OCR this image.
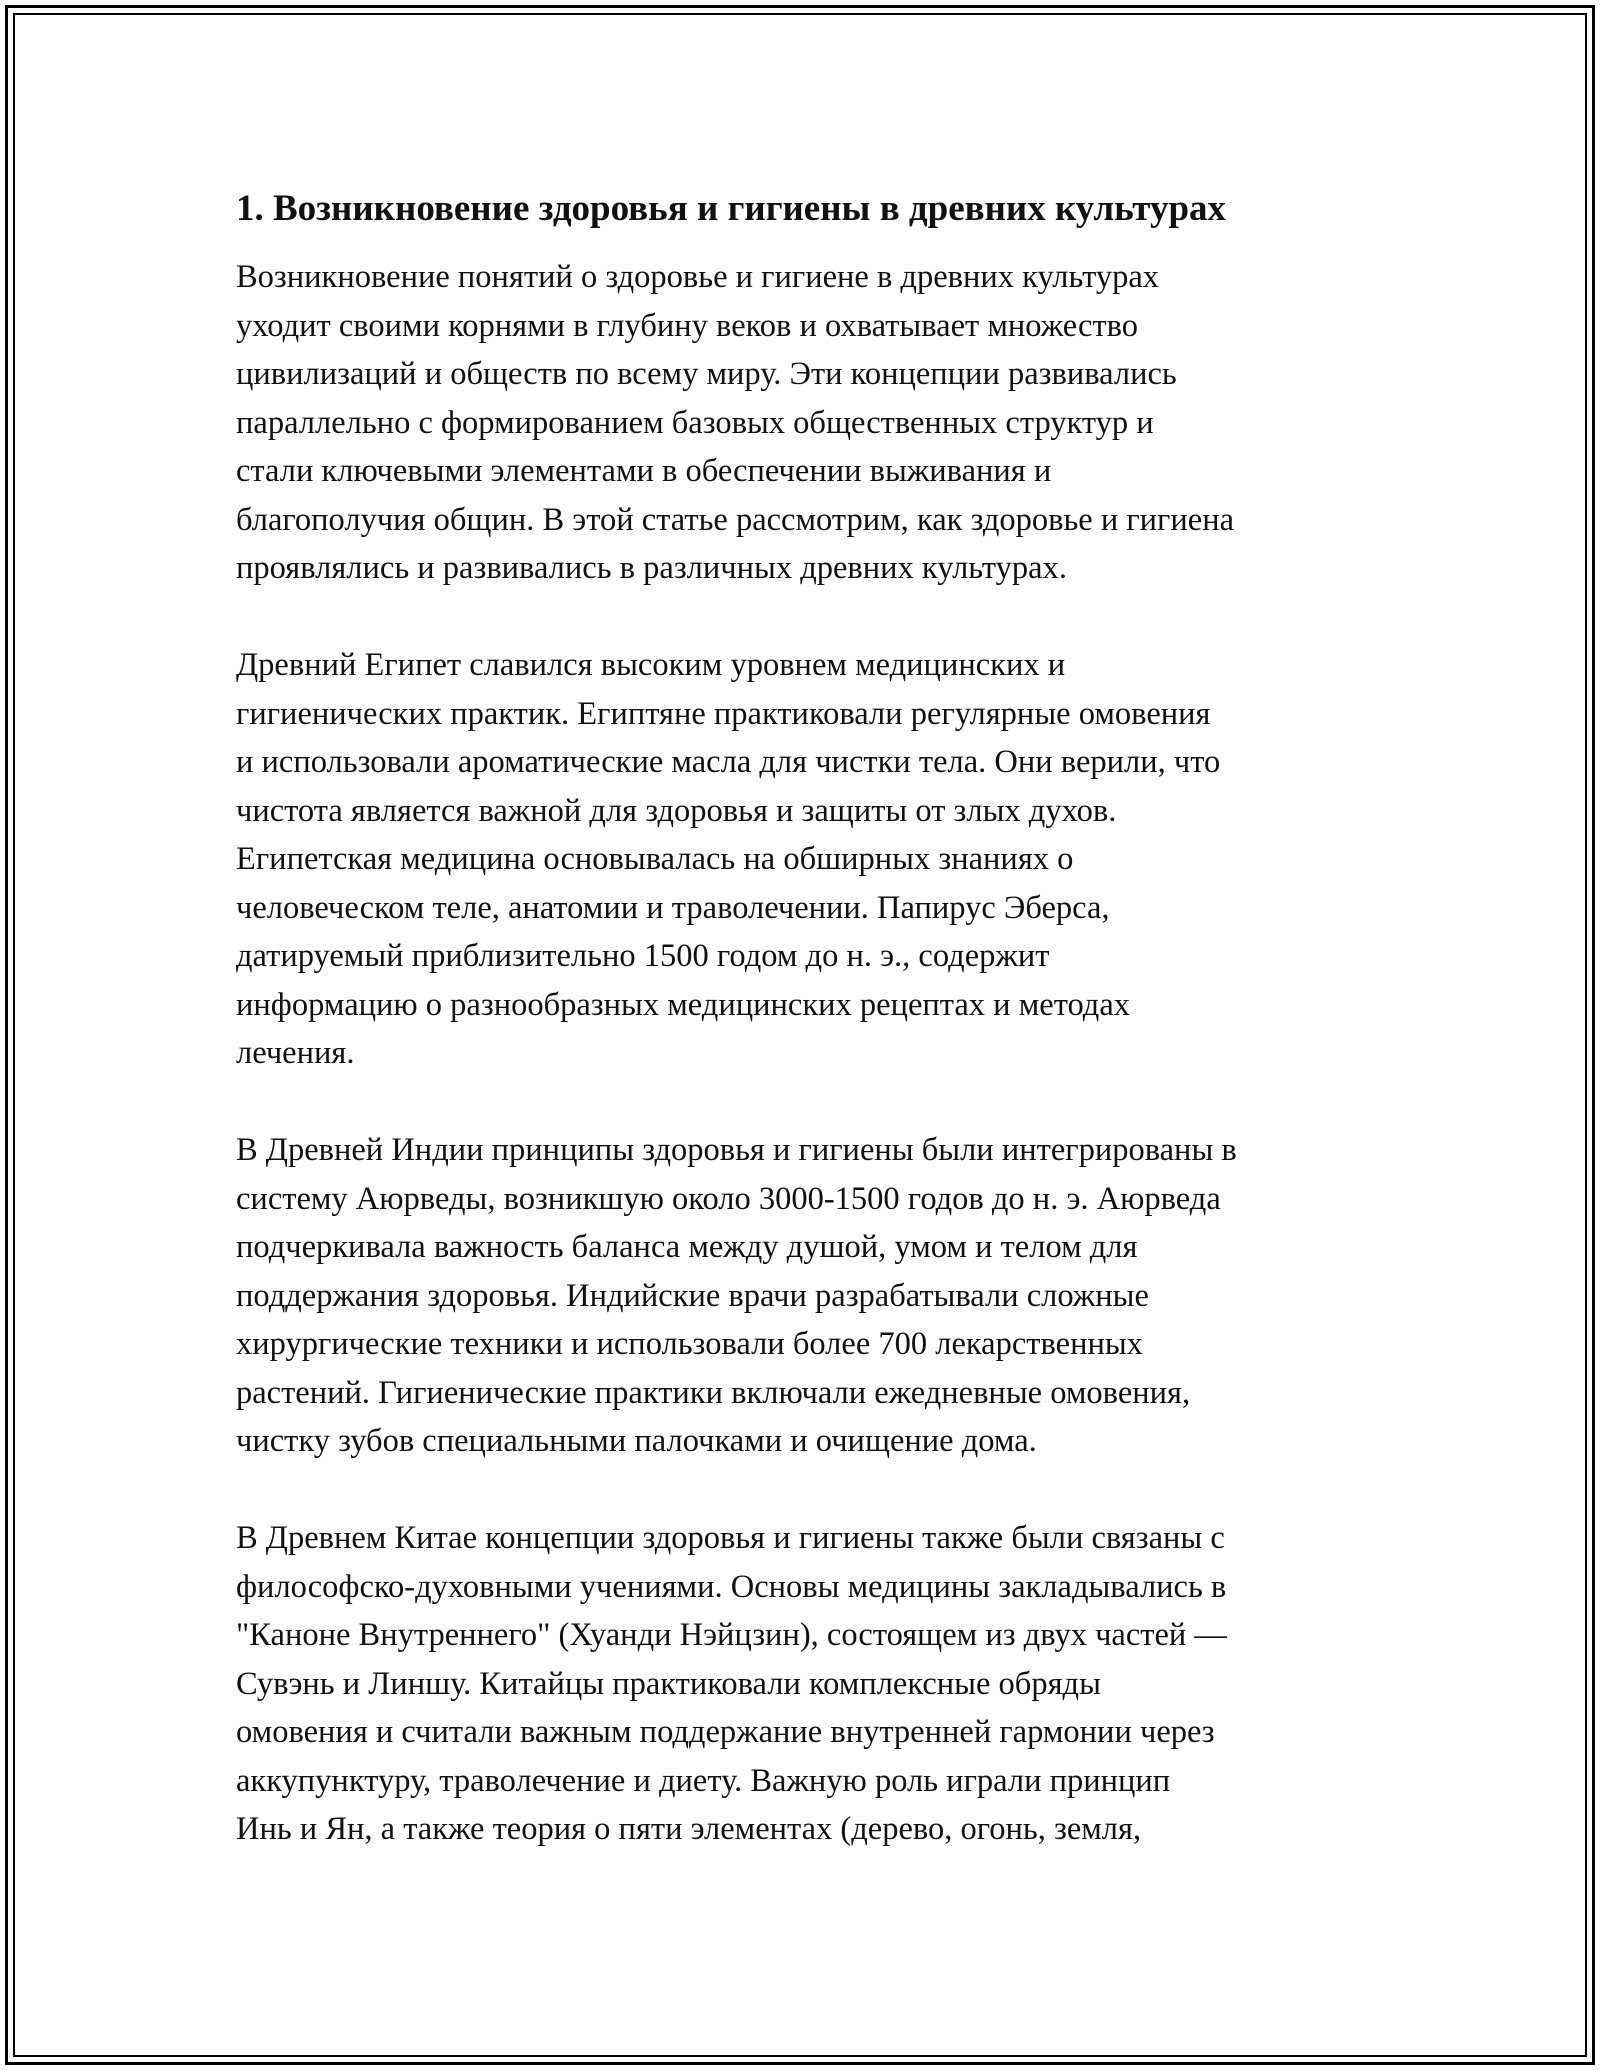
1. Возникновение здоровья и гигиены в древних культурах
Возникновение понятий о здоровье и гигиене в древних культурах
уходит своими корнями в глубину веков и охватывает множество
цивилизаций и обществ по всему миру. Эти концепции развивались
параллельно с формированием базовых общественных структур и
стали ключевыми элементами в обеспечении выживания и
благополучия общин. В этой статье рассмотрим, как здоровье и гигиена
проявлялись и развивались в различных древних культурах.
Древний Египет славился высоким уровнем медицинских и
гигиенических практик. Египтяне практиковали регулярные омовения
и использовали ароматические масла для чистки тела. Они верили, что
чистота является важной для здоровья и защиты от злых духов.
Египетская медицина основывалась на обширных знаниях о
человеческом теле, анатомии и траволечении. Папирус Эберса,
датируемый приблизительно 1500 годом до н. э., содержит
информацию о разнообразных медицинских рецептах и методах
лечения.
В Древней Индии принципы здоровья и гигиены были интегрированы в
систему Аюрведы, возникшую около 3000-1500 годов до н. э. Аюрведа
подчеркивала важность баланса между душой, умом и телом для
поддержания здоровья. Индийские врачи разрабатывали сложные
хирургические техники и использовали более 700 лекарственных
растений. Гигиенические практики включали ежедневные омовения,
чистку зубов специальными палочками и очищение дома.
В Древнем Китае концепции здоровья и гигиены также были связаны с
философско-духовными учениями. Основы медицины закладывались в
"Каноне Внутреннего" (Хуанди Нэйцзин), состоящем из двух частей —
Сувэнь и Линшу. Китайцы практиковали комплексные обряды
омовения и считали важным поддержание внутренней гармонии через
аккупунктуру, траволечение и диету. Важную роль играли принцип
Инь и Ян, а также теория о пяти элементах (дерево, огонь, земля,
